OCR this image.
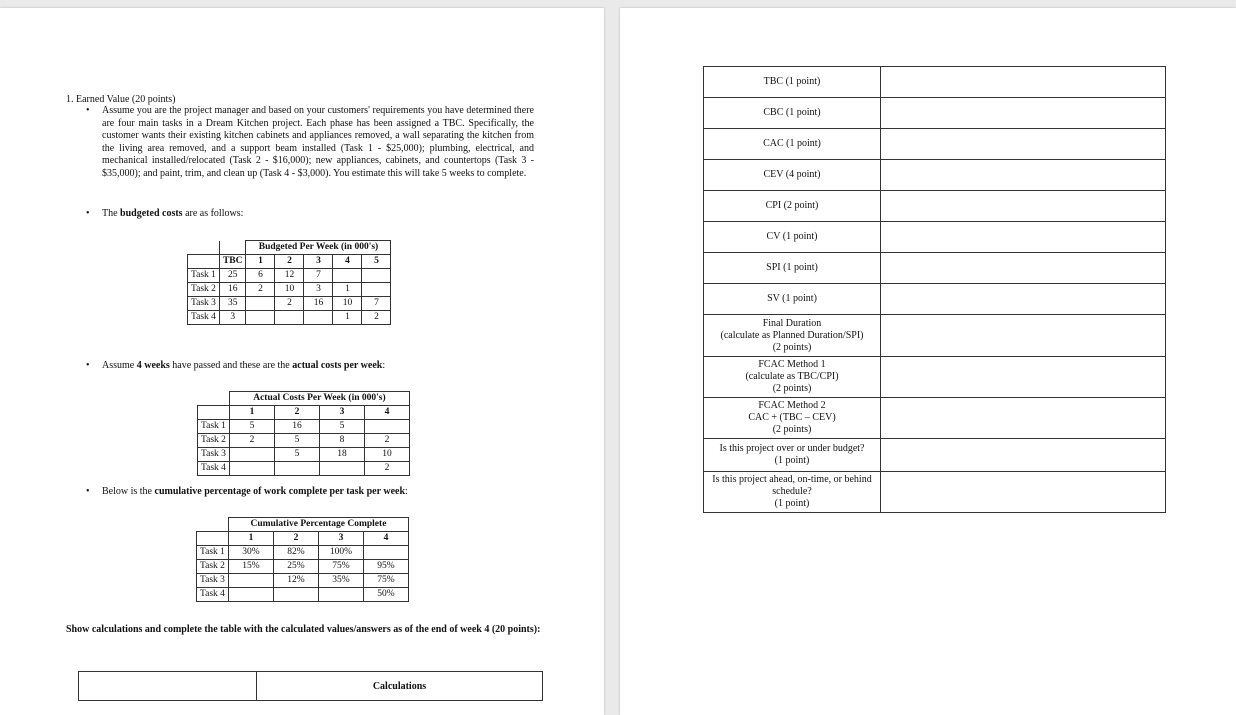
1. Earned Value (20 points)
• Assume you are the project manager and based on your customers' requirements you have determined there are four main tasks in a Dream Kitchen project. Each phase has been assigned a TBC. Specifically, the customer wants their existing kitchen cabinets and appliances removed, a wall separating the kitchen from the living area removed, and a support beam installed (Task 1 - $25,000); plumbing, electrical, and mechanical installed/relocated (Task 2 - $16,000); new appliances, cabinets, and countertops (Task 3 - $35,000); and paint, trim, and clean up (Task 4 - $3,000). You estimate this will take 5 weeks to complete.
• The budgeted costs are as follows:
		Budgeted Per Week (in 000's)				
	TBC	1	2	3	4	5
Task 1	25	6	12	7		
Task 2	16	2	10	3	1	
Task 3	35		2	16	10	7
Task 4	3				1	2
• Assume 4 weeks have passed and these are the actual costs per week:
	Actual Costs Per Week (in 000's)			
	1	2	3	4
Task 1	5	16	5	
Task 2	2	5	8	2
Task 3		5	18	10
Task 4				2
• Below is the cumulative percentage of work complete per task per week:
	Cumulative Percentage Complete			
	1	2	3	4
Task 1	30%	82%	100%	
Task 2	15%	25%	75%	95%
Task 3		12%	35%	75%
Task 4				50%
Show calculations and complete the table with the calculated values/answers as of the end of week 4 (20 points):
	Calculations
TBC (1 point)	
CBC (1 point)	
CAC (1 point)	
CEV (4 point)	
CPI (2 point)	
CV (1 point)	
SPI (1 point)	
SV (1 point)	
Final Duration
(calculate as Planned Duration/SPI)
(2 points)	
FCAC Method 1
(calculate as TBC/CPI)
(2 points)	
FCAC Method 2
CAC + (TBC – CEV)
(2 points)	
Is this project over or under budget?
(1 point)	
Is this project ahead, on-time, or behind schedule?
(1 point)	
